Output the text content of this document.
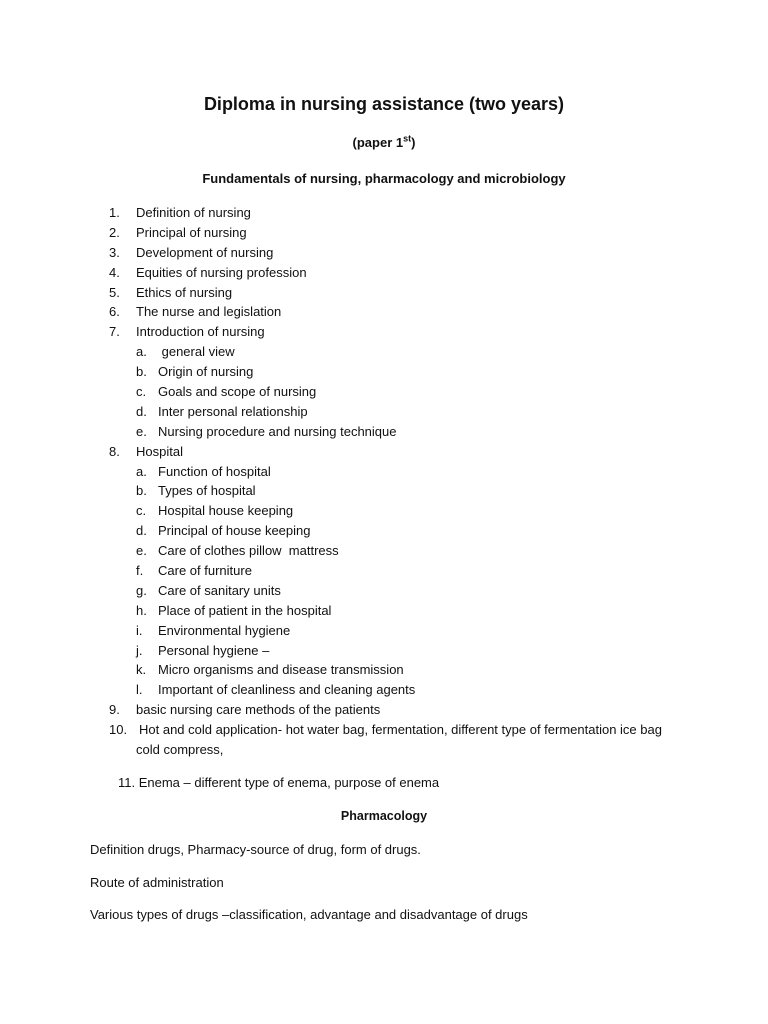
Diploma in nursing assistance (two years)
(paper 1st)
Fundamentals of nursing, pharmacology and microbiology
1.	Definition of nursing
2.	Principal of nursing
3.	Development of nursing
4.	Equities of nursing profession
5.	Ethics of nursing
6.	The nurse and legislation
7.	Introduction of nursing
a. general view
b. Origin of nursing
c. Goals and scope of nursing
d. Inter personal relationship
e. Nursing procedure and nursing technique
8.	Hospital
a. Function of hospital
b. Types of hospital
c. Hospital house keeping
d. Principal of house keeping
e. Care of clothes pillow  mattress
f.	Care of furniture
g. Care of sanitary units
h. Place of patient in the hospital
i.	Environmental hygiene
j.	Personal hygiene –
k. Micro organisms and disease transmission
l.	Important of cleanliness and cleaning agents
9.	basic nursing care methods of the patients
10. Hot and cold application- hot water bag, fermentation, different type of fermentation ice bag
cold compress,
11. Enema – different type of enema, purpose of enema
Pharmacology
Definition drugs, Pharmacy-source of drug, form of drugs.
Route of administration
Various types of drugs –classification, advantage and disadvantage of drugs
